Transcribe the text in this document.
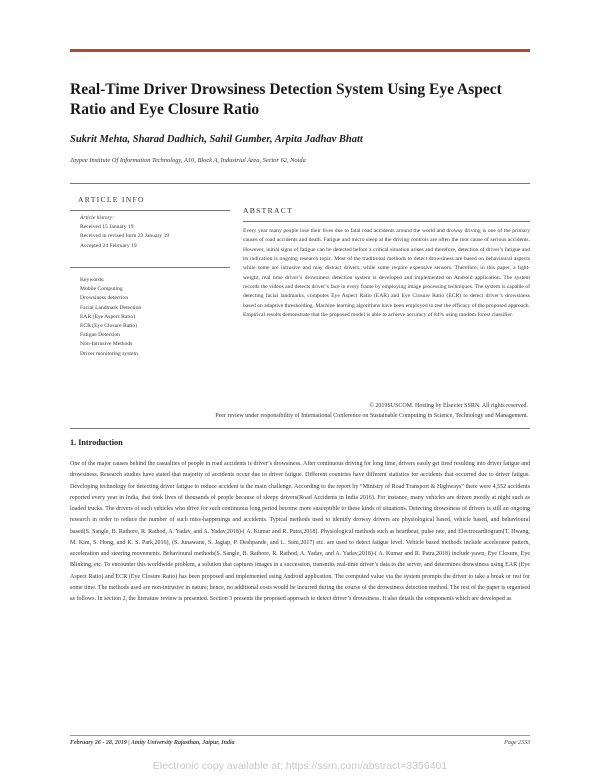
Real-Time Driver Drowsiness Detection System Using Eye Aspect Ratio and Eye Closure Ratio
Sukrit Mehta, Sharad Dadhich, Sahil Gumber, Arpita Jadhav Bhatt
Jaypee Institute Of Information Technology, A10, Block A, Industrial Area, Sector 62, Noida
ARTICLE INFO
Article history:
Received 15 January 19
Received in revised form 23 January 19
Accepted 24 February 19
Keywords:
Mobile Computing
Drowsiness detection
Facial Landmark Detection
EAR (Eye Aspect Ratio)
ECR (Eye Closure Ratio)
Fatigue Detection
Non-Intrusive Methods
Driver monitoring system
ABSTRACT
Every year many people lose their lives due to fatal road accidents around the world and drowsy driving is one of the primary causes of road accidents and death. Fatigue and micro sleep at the driving controls are often the root cause of serious accidents. However, initial signs of fatigue can be detected before a critical situation arises and therefore, detection of driver’s fatigue and its indication is ongoing research topic. Most of the traditional methods to detect drowsiness are based on behavioural aspects while some are intrusive and may distract drivers, while some require expensive sensors. Therefore, in this paper, a light-weight, real time driver’s drowsiness detection system is developed and implemented on Android application. The system records the videos and detects driver’s face in every frame by employing image processing techniques. The system is capable of detecting facial landmarks, computes Eye Aspect Ratio (EAR) and Eye Closure Ratio (ECR) to detect driver’s drowsiness based on adaptive thresholding. Machine learning algorithms have been employed to test the efficacy of the proposed approach. Empirical results demonstrate that the proposed model is able to achieve accuracy of 84% using random forest classifier.
© 2019SUSCOM. Hosting by Elsevier SSRN. All rights reserved.
Peer review under responsibility of International Conference on Sustainable Computing in Science, Technology and Management.
1. Introduction
One of the major causes behind the casualties of people in road accidents is driver’s drowsiness. After continuous driving for long time, drivers easily get tired resulting into driver fatigue and drowsiness. Research studies have stated that majority of accidents occur due to driver fatigue. Different countries have different statistics for accidents that occurred due to driver fatigue. Developing technology for detecting driver fatigue to reduce accident is the main challenge. According to the report by “Ministry of Road Transport & Highways” there were 4,552 accidents reported every year in India, that took lives of thousands of people because of sleepy drivers(Road Accidents in India 2016). For instance, many vehicles are driven mostly at night such as loaded trucks. The drivers of such vehicles who drive for such continuous long period become more susceptible to these kinds of situations. Detecting drowsiness of drivers is still an ongoing research in order to reduce the number of such miss-happenings and accidents. Typical methods used to identify drowsy drivers are physiological based, vehicle based, and behavioural based(S. Sangle, B. Rathore, R. Rathod, A. Yadav, and A. Yadav,2018)-( A. Kumar and R. Patra,2018). Physiological methods such as heartbeat, pulse rate, and Electrocardiogram(T. Hwang, M. Kim, S. Hong, and K. S. Park,2016), (S. Junawane, S. Jagtap, P. Deshpande, and L. Soni,2017) etc. are used to detect fatigue level. Vehicle based methods include accelerator pattern, acceleration and steering movements. Behavioural methods(S. Sangle, B. Rathore, R. Rathod, A. Yadav, and A. Yadav,2018)-( A. Kumar and R. Patra,2018) include yawn, Eye Closure, Eye Blinking, etc. To encounter this worldwide problem, a solution that captures images in a succession, transmits real-time driver’s data to the server, and determines drowsiness using EAR (Eye Aspect Ratio) and ECR (Eye Closure Ratio) has been proposed and implemented using Android application. The computed value via the system prompts the driver to take a break or rest for some time. The methods used are non-intrusive in nature; hence, no additional costs would be incurred during the course of the drowsiness detection method. The rest of the paper is organised as follows. In section 2, the literature review is presented. Section 3 presents the proposed approach to detect driver’s drowsiness. It also details the components which are developed as
February 26 - 28, 2019 | Amity University Rajasthan, Jaipur, India	Page 2333
Electronic copy available at: https://ssrn.com/abstract=3356401
